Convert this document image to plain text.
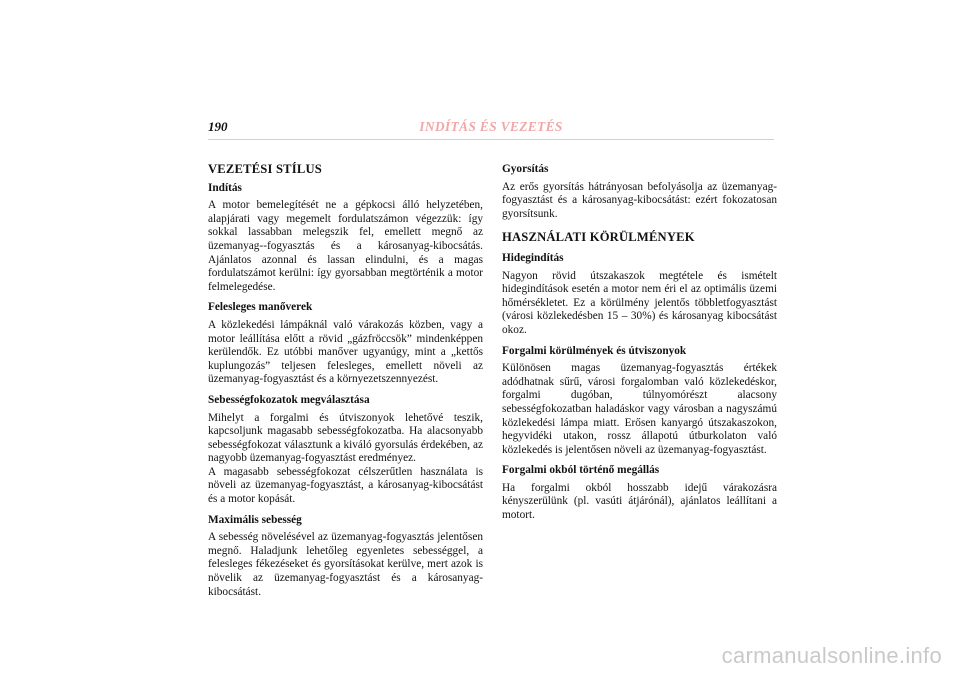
190	INDÍTÁS ÉS VEZETÉS
VEZETÉSI STÍLUS
Indítás

A motor bemelegítését ne a gépkocsi álló helyzetében, alapjárati vagy megemelt fordulatszámon végezzük: így sokkal lassabban melegszik fel, emellett megnő az üzemanyag--fogyasztás és a károsanyag-kibocsátás. Ajánlatos azonnal és lassan elindulni, és a magas fordulatszámot kerülni: így gyorsabban megtörténik a motor felmelegedése.

Felesleges manőverek

A közlekedési lámpáknál való várakozás közben, vagy a motor leállítása előtt a rövid „gázfröccsök” mindenképpen kerülendők. Ez utóbbi manőver ugyanúgy, mint a „kettős kuplungozás” teljesen felesleges, emellett növeli az üzemanyag-fogyasztást és a környezetszennyezést.

Sebességfokozatok megválasztása

Mihelyt a forgalmi és útviszonyok lehetővé teszik, kapcsoljunk magasabb sebességfokozatba. Ha alacsonyabb sebességfokozat választunk a kiváló gyorsulás érdekében, az nagyobb üzemanyag-fogyasztást eredményez.

A magasabb sebességfokozat célszerűtlen használata is növeli az üzemanyag-fogyasztást, a károsanyag-kibocsátást és a motor kopását.

Maximális sebesség

A sebesség növelésével az üzemanyag-fogyasztás jelentősen megnő. Haladjunk lehetőleg egyenletes sebességgel, a felesleges fékezéseket és gyorsításokat kerülve, mert azok is növelik az üzemanyag-fogyasztást és a károsanyag-kibocsátást.

Gyorsítás

Az erős gyorsítás hátrányosan befolyásolja az üzemanyag-fogyasztást és a károsanyag-kibocsátást: ezért fokozatosan gyorsítsunk.

HASZNÁLATI KÖRÜLMÉNYEK
Hidegindítás

Nagyon rövid útszakaszok megtétele és ismételt hidegindítások esetén a motor nem éri el az optimális üzemi hőmérsékletet. Ez a körülmény jelentős többletfogyasztást (városi közlekedésben 15 – 30%) és károsanyag kibocsátást okoz.

Forgalmi körülmények és útviszonyok

Különösen magas üzemanyag-fogyasztás értékek adódhatnak sűrű, városi forgalomban való közlekedéskor, forgalmi dugóban, túlnyomórészt alacsony sebességfokozatban haladáskor vagy városban a nagyszámú közlekedési lámpa miatt. Erősen kanyargó útszakaszokon, hegyvidéki utakon, rossz állapotú útburkolaton való közlekedés is jelentősen növeli az üzemanyag-fogyasztást.

Forgalmi okból történő megállás

Ha forgalmi okból hosszabb idejű várakozásra kényszerülünk (pl. vasúti átjárónál), ajánlatos leállítani a motort.

carmanualsonline.info
